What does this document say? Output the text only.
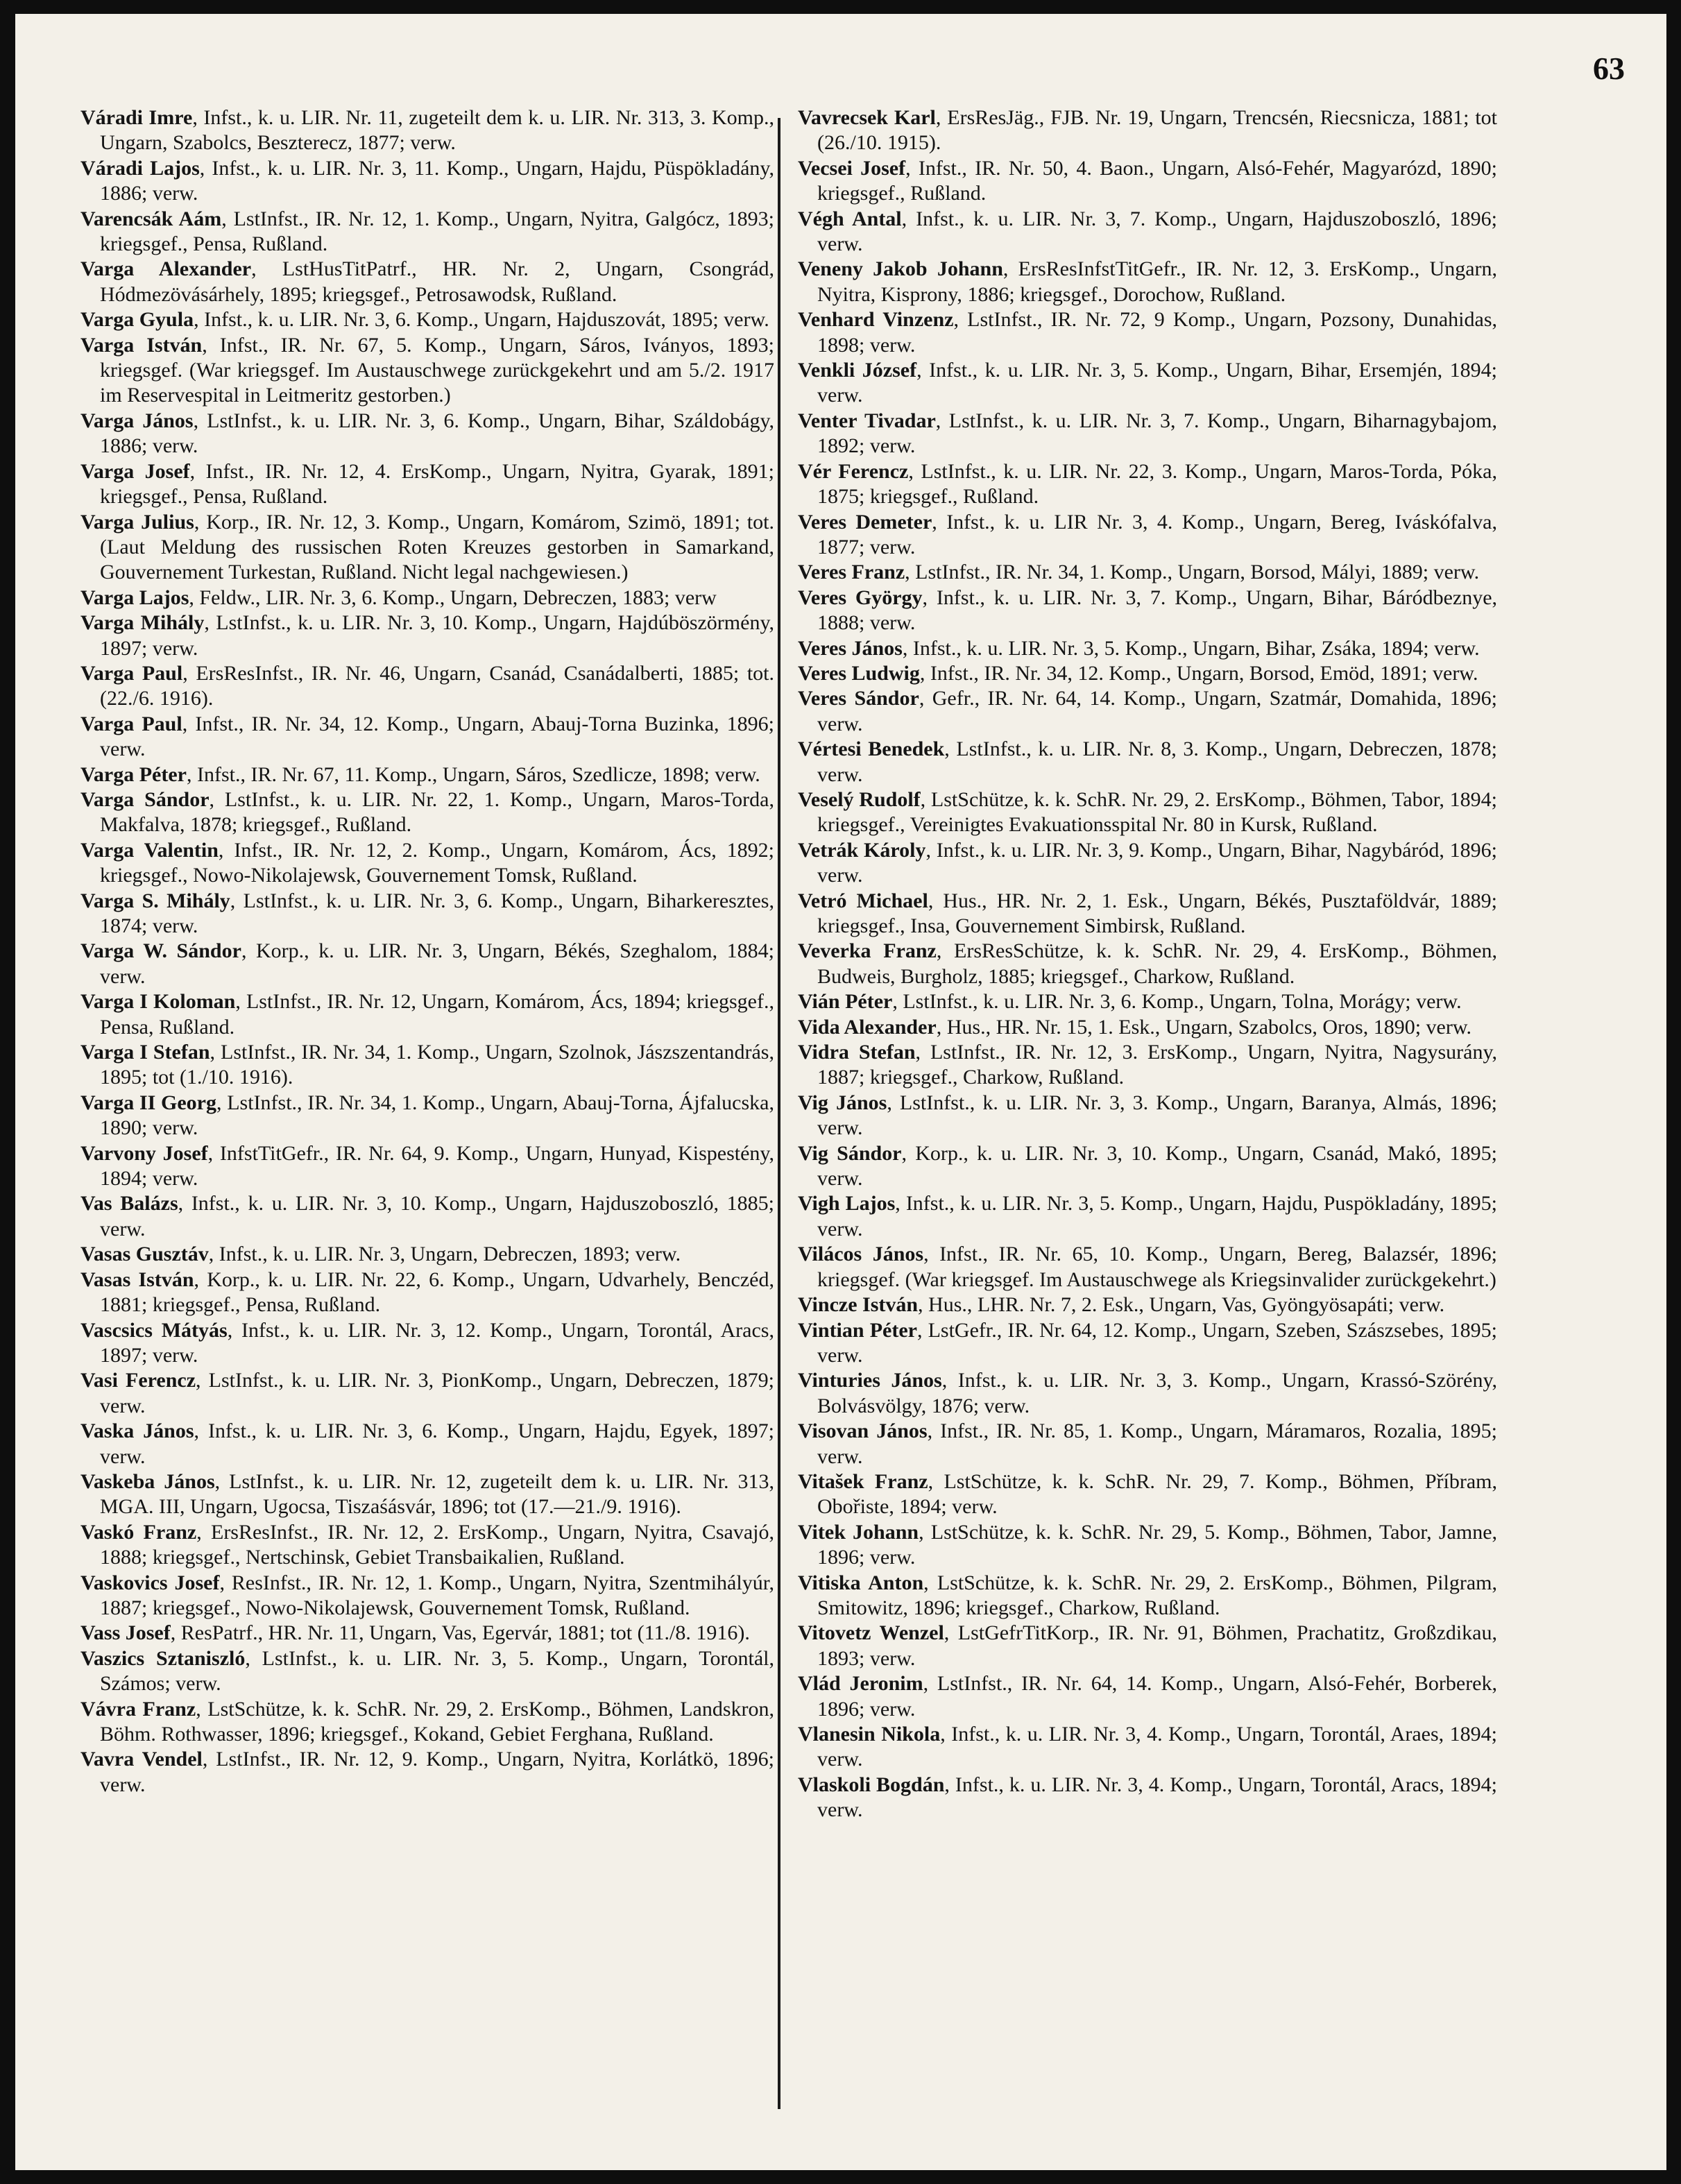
63

Váradi Imre, Infst., k. u. LIR. Nr. 11, zugeteilt dem k. u. LIR. Nr. 313, 3. Komp., Ungarn, Szabolcs, Beszterecz, 1877; verw.

Váradi Lajos, Infst., k. u. LIR. Nr. 3, 11. Komp., Ungarn, Hajdu, Püspökladány, 1886; verw.

Varencsák Aám, LstInfst., IR. Nr. 12, 1. Komp., Ungarn, Nyitra, Galgócz, 1893; kriegsgef., Pensa, Rußland.

Varga Alexander, LstHusTitPatrf., HR. Nr. 2, Ungarn, Csongrád, Hódmezövásárhely, 1895; kriegsgef., Petrosawodsk, Rußland.

Varga Gyula, Infst., k. u. LIR. Nr. 3, 6. Komp., Ungarn, Hajduszovát, 1895; verw.

Varga István, Infst., IR. Nr. 67, 5. Komp., Ungarn, Sáros, Iványos, 1893; kriegsgef. (War kriegsgef. Im Austauschwege zurückgekehrt und am 5./2. 1917 im Reservespital in Leitmeritz gestorben.)

Varga János, LstInfst., k. u. LIR. Nr. 3, 6. Komp., Ungarn, Bihar, Száldobágy, 1886; verw.

Varga Josef, Infst., IR. Nr. 12, 4. ErsKomp., Ungarn, Nyitra, Gyarak, 1891; kriegsgef., Pensa, Rußland.

Varga Julius, Korp., IR. Nr. 12, 3. Komp., Ungarn, Komárom, Szimö, 1891; tot. (Laut Meldung des russischen Roten Kreuzes gestorben in Samarkand, Gouvernement Turkestan, Rußland. Nicht legal nachgewiesen.)

Varga Lajos, Feldw., LIR. Nr. 3, 6. Komp., Ungarn, Debreczen, 1883; verw

Varga Mihály, LstInfst., k. u. LIR. Nr. 3, 10. Komp., Ungarn, Hajdúböszörmény, 1897; verw.

Varga Paul, ErsResInfst., IR. Nr. 46, Ungarn, Csanád, Csanádalberti, 1885; tot. (22./6. 1916).

Varga Paul, Infst., IR. Nr. 34, 12. Komp., Ungarn, Abauj-Torna Buzinka, 1896; verw.

Varga Péter, Infst., IR. Nr. 67, 11. Komp., Ungarn, Sáros, Szedlicze, 1898; verw.

Varga Sándor, LstInfst., k. u. LIR. Nr. 22, 1. Komp., Ungarn, Maros-Torda, Makfalva, 1878; kriegsgef., Rußland.

Varga Valentin, Infst., IR. Nr. 12, 2. Komp., Ungarn, Komárom, Ács, 1892; kriegsgef., Nowo-Nikolajewsk, Gouvernement Tomsk, Rußland.

Varga S. Mihály, LstInfst., k. u. LIR. Nr. 3, 6. Komp., Ungarn, Biharkeresztes, 1874; verw.

Varga W. Sándor, Korp., k. u. LIR. Nr. 3, Ungarn, Békés, Szeghalom, 1884; verw.

Varga I Koloman, LstInfst., IR. Nr. 12, Ungarn, Komárom, Ács, 1894; kriegsgef., Pensa, Rußland.

Varga I Stefan, LstInfst., IR. Nr. 34, 1. Komp., Ungarn, Szolnok, Jászszentandrás, 1895; tot (1./10. 1916).

Varga II Georg, LstInfst., IR. Nr. 34, 1. Komp., Ungarn, Abauj-Torna, Ájfalucska, 1890; verw.

Varvony Josef, InfstTitGefr., IR. Nr. 64, 9. Komp., Ungarn, Hunyad, Kispestény, 1894; verw.

Vas Balázs, Infst., k. u. LIR. Nr. 3, 10. Komp., Ungarn, Hajduszoboszló, 1885; verw.

Vasas Gusztáv, Infst., k. u. LIR. Nr. 3, Ungarn, Debreczen, 1893; verw.

Vasas István, Korp., k. u. LIR. Nr. 22, 6. Komp., Ungarn, Udvarhely, Benczéd, 1881; kriegsgef., Pensa, Rußland.

Vascsics Mátyás, Infst., k. u. LIR. Nr. 3, 12. Komp., Ungarn, Torontál, Aracs, 1897; verw.

Vasi Ferencz, LstInfst., k. u. LIR. Nr. 3, PionKomp., Ungarn, Debreczen, 1879; verw.

Vaska János, Infst., k. u. LIR. Nr. 3, 6. Komp., Ungarn, Hajdu, Egyek, 1897; verw.

Vaskeba János, LstInfst., k. u. LIR. Nr. 12, zugeteilt dem k. u. LIR. Nr. 313, MGA. III, Ungarn, Ugocsa, Tiszaśásvár, 1896; tot (17.—21./9. 1916).

Vaskó Franz, ErsResInfst., IR. Nr. 12, 2. ErsKomp., Ungarn, Nyitra, Csavajó, 1888; kriegsgef., Nertschinsk, Gebiet Transbaikalien, Rußland.

Vaskovics Josef, ResInfst., IR. Nr. 12, 1. Komp., Ungarn, Nyitra, Szentmihályúr, 1887; kriegsgef., Nowo-Nikolajewsk, Gouvernement Tomsk, Rußland.

Vass Josef, ResPatrf., HR. Nr. 11, Ungarn, Vas, Egervár, 1881; tot (11./8. 1916).

Vaszics Sztaniszló, LstInfst., k. u. LIR. Nr. 3, 5. Komp., Ungarn, Torontál, Számos; verw.

Vávra Franz, LstSchütze, k. k. SchR. Nr. 29, 2. ErsKomp., Böhmen, Landskron, Böhm. Rothwasser, 1896; kriegsgef., Kokand, Gebiet Ferghana, Rußland.

Vavra Vendel, LstInfst., IR. Nr. 12, 9. Komp., Ungarn, Nyitra, Korlátkö, 1896; verw.

Vavrecsek Karl, ErsResJäg., FJB. Nr. 19, Ungarn, Trencsén, Riecsnicza, 1881; tot (26./10. 1915).

Vecsei Josef, Infst., IR. Nr. 50, 4. Baon., Ungarn, Alsó-Fehér, Magyarózd, 1890; kriegsgef., Rußland.

Végh Antal, Infst., k. u. LIR. Nr. 3, 7. Komp., Ungarn, Hajduszoboszló, 1896; verw.

Veneny Jakob Johann, ErsResInfstTitGefr., IR. Nr. 12, 3. ErsKomp., Ungarn, Nyitra, Kisprony, 1886; kriegsgef., Dorochow, Rußland.

Venhard Vinzenz, LstInfst., IR. Nr. 72, 9 Komp., Ungarn, Pozsony, Dunahidas, 1898; verw.

Venkli József, Infst., k. u. LIR. Nr. 3, 5. Komp., Ungarn, Bihar, Ersemjén, 1894; verw.

Venter Tivadar, LstInfst., k. u. LIR. Nr. 3, 7. Komp., Ungarn, Biharnagybajom, 1892; verw.

Vér Ferencz, LstInfst., k. u. LIR. Nr. 22, 3. Komp., Ungarn, Maros-Torda, Póka, 1875; kriegsgef., Rußland.

Veres Demeter, Infst., k. u. LIR Nr. 3, 4. Komp., Ungarn, Bereg, Iváskófalva, 1877; verw.

Veres Franz, LstInfst., IR. Nr. 34, 1. Komp., Ungarn, Borsod, Mályi, 1889; verw.

Veres György, Infst., k. u. LIR. Nr. 3, 7. Komp., Ungarn, Bihar, Báródbeznye, 1888; verw.

Veres János, Infst., k. u. LIR. Nr. 3, 5. Komp., Ungarn, Bihar, Zsáka, 1894; verw.

Veres Ludwig, Infst., IR. Nr. 34, 12. Komp., Ungarn, Borsod, Emöd, 1891; verw.

Veres Sándor, Gefr., IR. Nr. 64, 14. Komp., Ungarn, Szatmár, Domahida, 1896; verw.

Vértesi Benedek, LstInfst., k. u. LIR. Nr. 8, 3. Komp., Ungarn, Debreczen, 1878; verw.

Veselý Rudolf, LstSchütze, k. k. SchR. Nr. 29, 2. ErsKomp., Böhmen, Tabor, 1894; kriegsgef., Vereinigtes Evakuationsspital Nr. 80 in Kursk, Rußland.

Vetrák Károly, Infst., k. u. LIR. Nr. 3, 9. Komp., Ungarn, Bihar, Nagybáród, 1896; verw.

Vetró Michael, Hus., HR. Nr. 2, 1. Esk., Ungarn, Békés, Pusztaföldvár, 1889; kriegsgef., Insa, Gouvernement Simbirsk, Rußland.

Veverka Franz, ErsResSchütze, k. k. SchR. Nr. 29, 4. ErsKomp., Böhmen, Budweis, Burgholz, 1885; kriegsgef., Charkow, Rußland.

Vián Péter, LstInfst., k. u. LIR. Nr. 3, 6. Komp., Ungarn, Tolna, Morágy; verw.

Vida Alexander, Hus., HR. Nr. 15, 1. Esk., Ungarn, Szabolcs, Oros, 1890; verw.

Vidra Stefan, LstInfst., IR. Nr. 12, 3. ErsKomp., Ungarn, Nyitra, Nagysurány, 1887; kriegsgef., Charkow, Rußland.

Vig János, LstInfst., k. u. LIR. Nr. 3, 3. Komp., Ungarn, Baranya, Almás, 1896; verw.

Vig Sándor, Korp., k. u. LIR. Nr. 3, 10. Komp., Ungarn, Csanád, Makó, 1895; verw.

Vigh Lajos, Infst., k. u. LIR. Nr. 3, 5. Komp., Ungarn, Hajdu, Puspökladány, 1895; verw.

Vilácos János, Infst., IR. Nr. 65, 10. Komp., Ungarn, Bereg, Balazsér, 1896; kriegsgef. (War kriegsgef. Im Austauschwege als Kriegsinvalider zurückgekehrt.)

Vincze István, Hus., LHR. Nr. 7, 2. Esk., Ungarn, Vas, Gyöngyösapáti; verw.

Vintian Péter, LstGefr., IR. Nr. 64, 12. Komp., Ungarn, Szeben, Szászsebes, 1895; verw.

Vinturies János, Infst., k. u. LIR. Nr. 3, 3. Komp., Ungarn, Krassó-Szörény, Bolvásvölgy, 1876; verw.

Visovan János, Infst., IR. Nr. 85, 1. Komp., Ungarn, Máramaros, Rozalia, 1895; verw.

Vitašek Franz, LstSchütze, k. k. SchR. Nr. 29, 7. Komp., Böhmen, Příbram, Obořiste, 1894; verw.

Vitek Johann, LstSchütze, k. k. SchR. Nr. 29, 5. Komp., Böhmen, Tabor, Jamne, 1896; verw.

Vitiska Anton, LstSchütze, k. k. SchR. Nr. 29, 2. ErsKomp., Böhmen, Pilgram, Smitowitz, 1896; kriegsgef., Charkow, Rußland.

Vitovetz Wenzel, LstGefrTitKorp., IR. Nr. 91, Böhmen, Prachatitz, Großzdikau, 1893; verw.

Vlád Jeronim, LstInfst., IR. Nr. 64, 14. Komp., Ungarn, Alsó-Fehér, Borberek, 1896; verw.

Vlanesin Nikola, Infst., k. u. LIR. Nr. 3, 4. Komp., Ungarn, Torontál, Araes, 1894; verw.

Vlaskoli Bogdán, Infst., k. u. LIR. Nr. 3, 4. Komp., Ungarn, Torontál, Aracs, 1894; verw.
